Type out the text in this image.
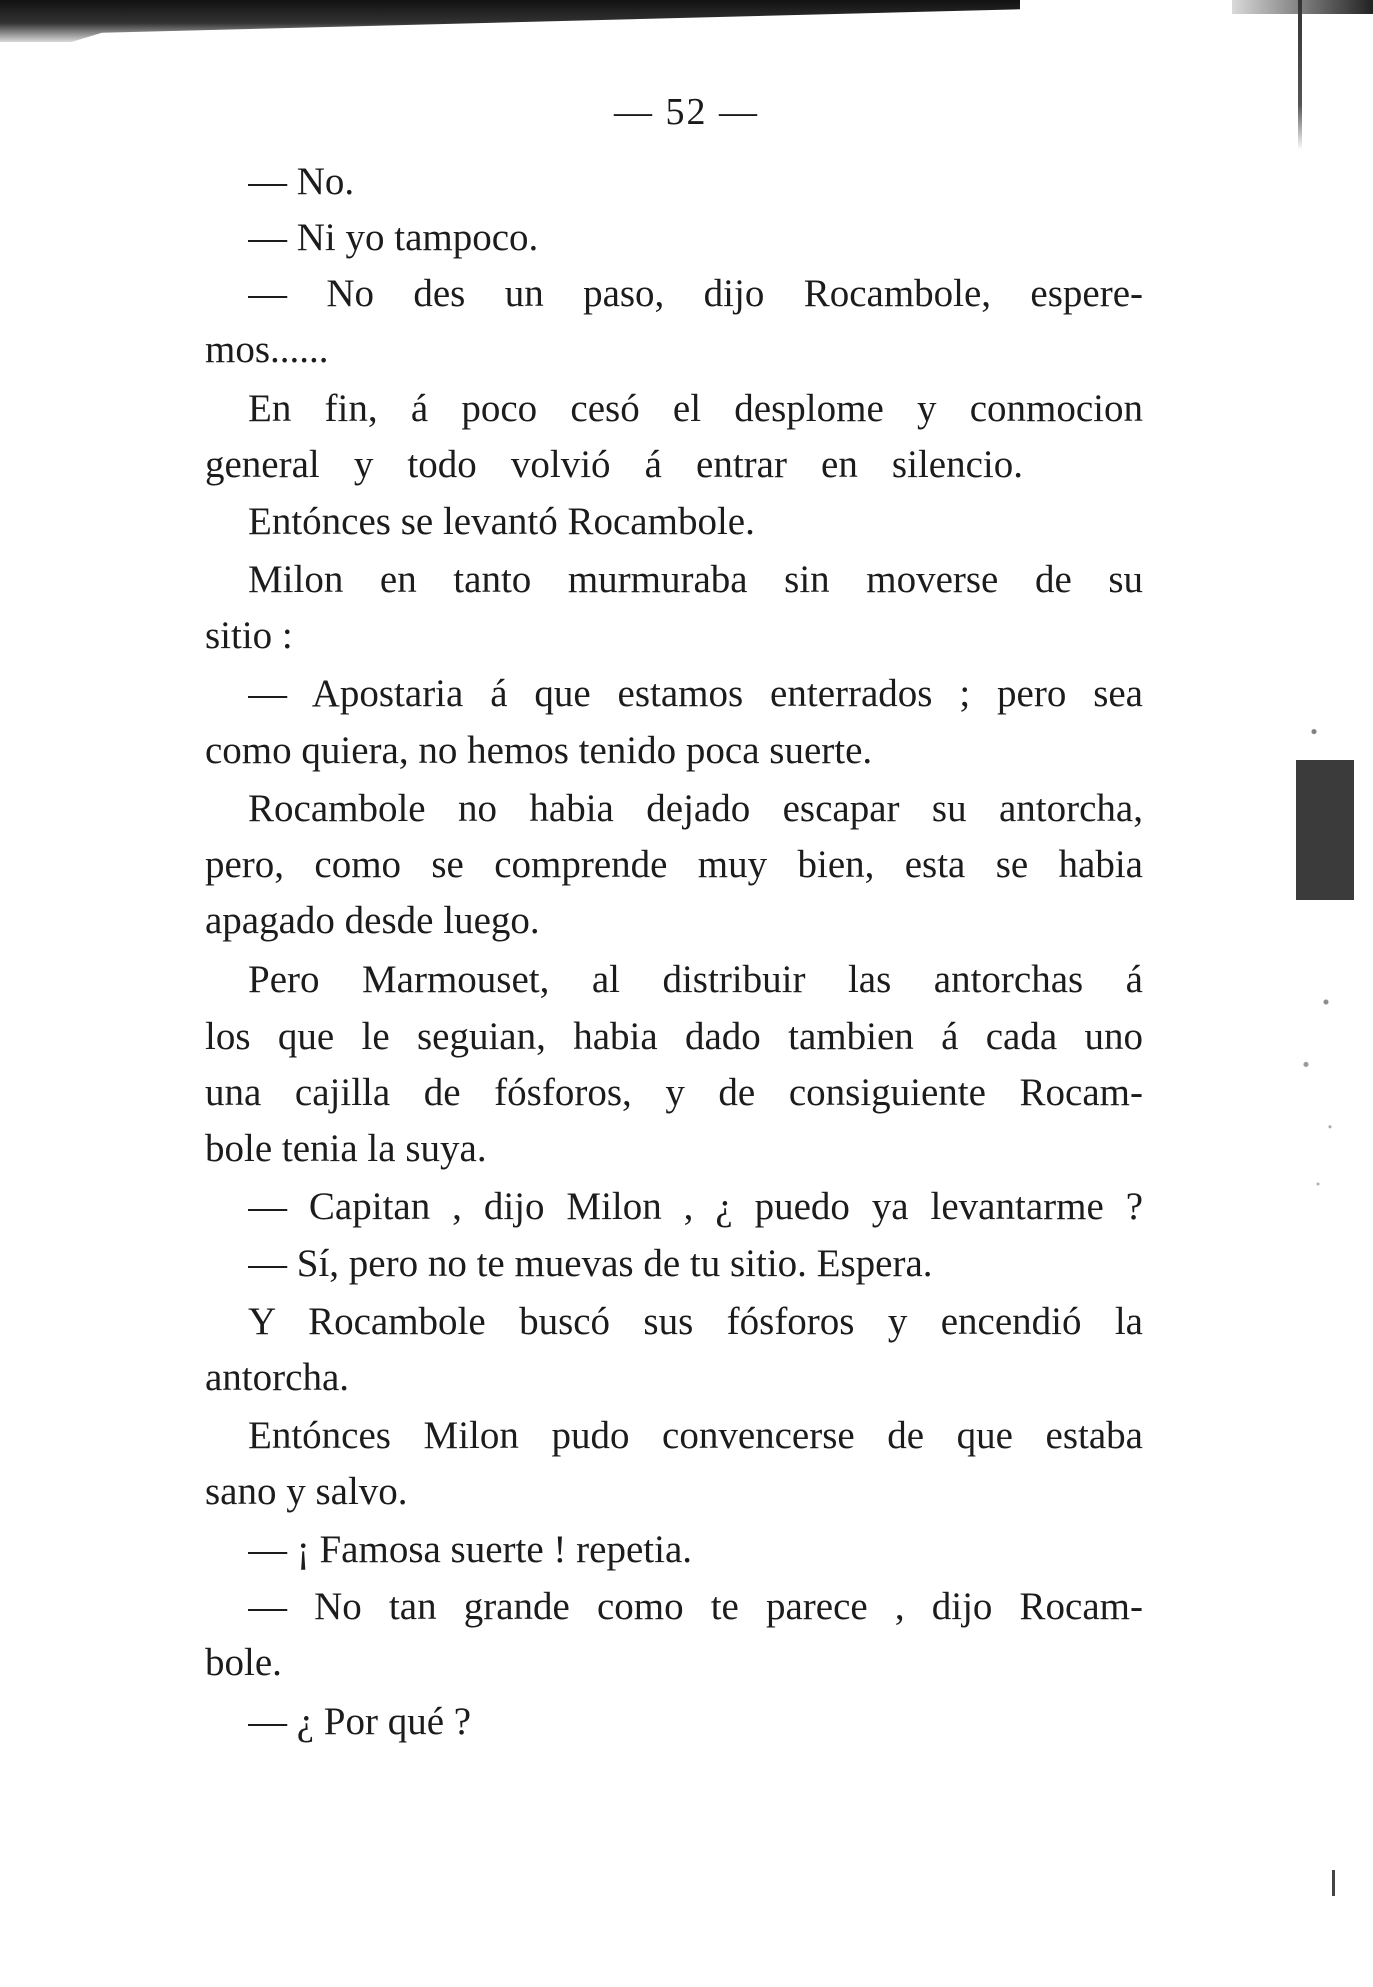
— 52 —
— No.
— Ni yo tampoco.
— No des un paso, dijo Rocambole, espere-
mos......
En fin, á poco cesó el desplome y conmocion
general y todo volvió á entrar en silencio.
Entónces se levantó Rocambole.
Milon en tanto murmuraba sin moverse de su
sitio :
— Apostaria á que estamos enterrados ; pero sea
como quiera, no hemos tenido poca suerte.
Rocambole no habia dejado escapar su antorcha,
pero, como se comprende muy bien, esta se habia
apagado desde luego.
Pero Marmouset, al distribuir las antorchas á
los que le seguian, habia dado tambien á cada uno
una cajilla de fósforos, y de consiguiente Rocam-
bole tenia la suya.
— Capitan , dijo Milon , ¿ puedo ya levantarme ?
— Sí, pero no te muevas de tu sitio. Espera.
Y Rocambole buscó sus fósforos y encendió la
antorcha.
Entónces Milon pudo convencerse de que estaba
sano y salvo.
— ¡ Famosa suerte ! repetia.
— No tan grande como te parece , dijo Rocam-
bole.
— ¿ Por qué ?
